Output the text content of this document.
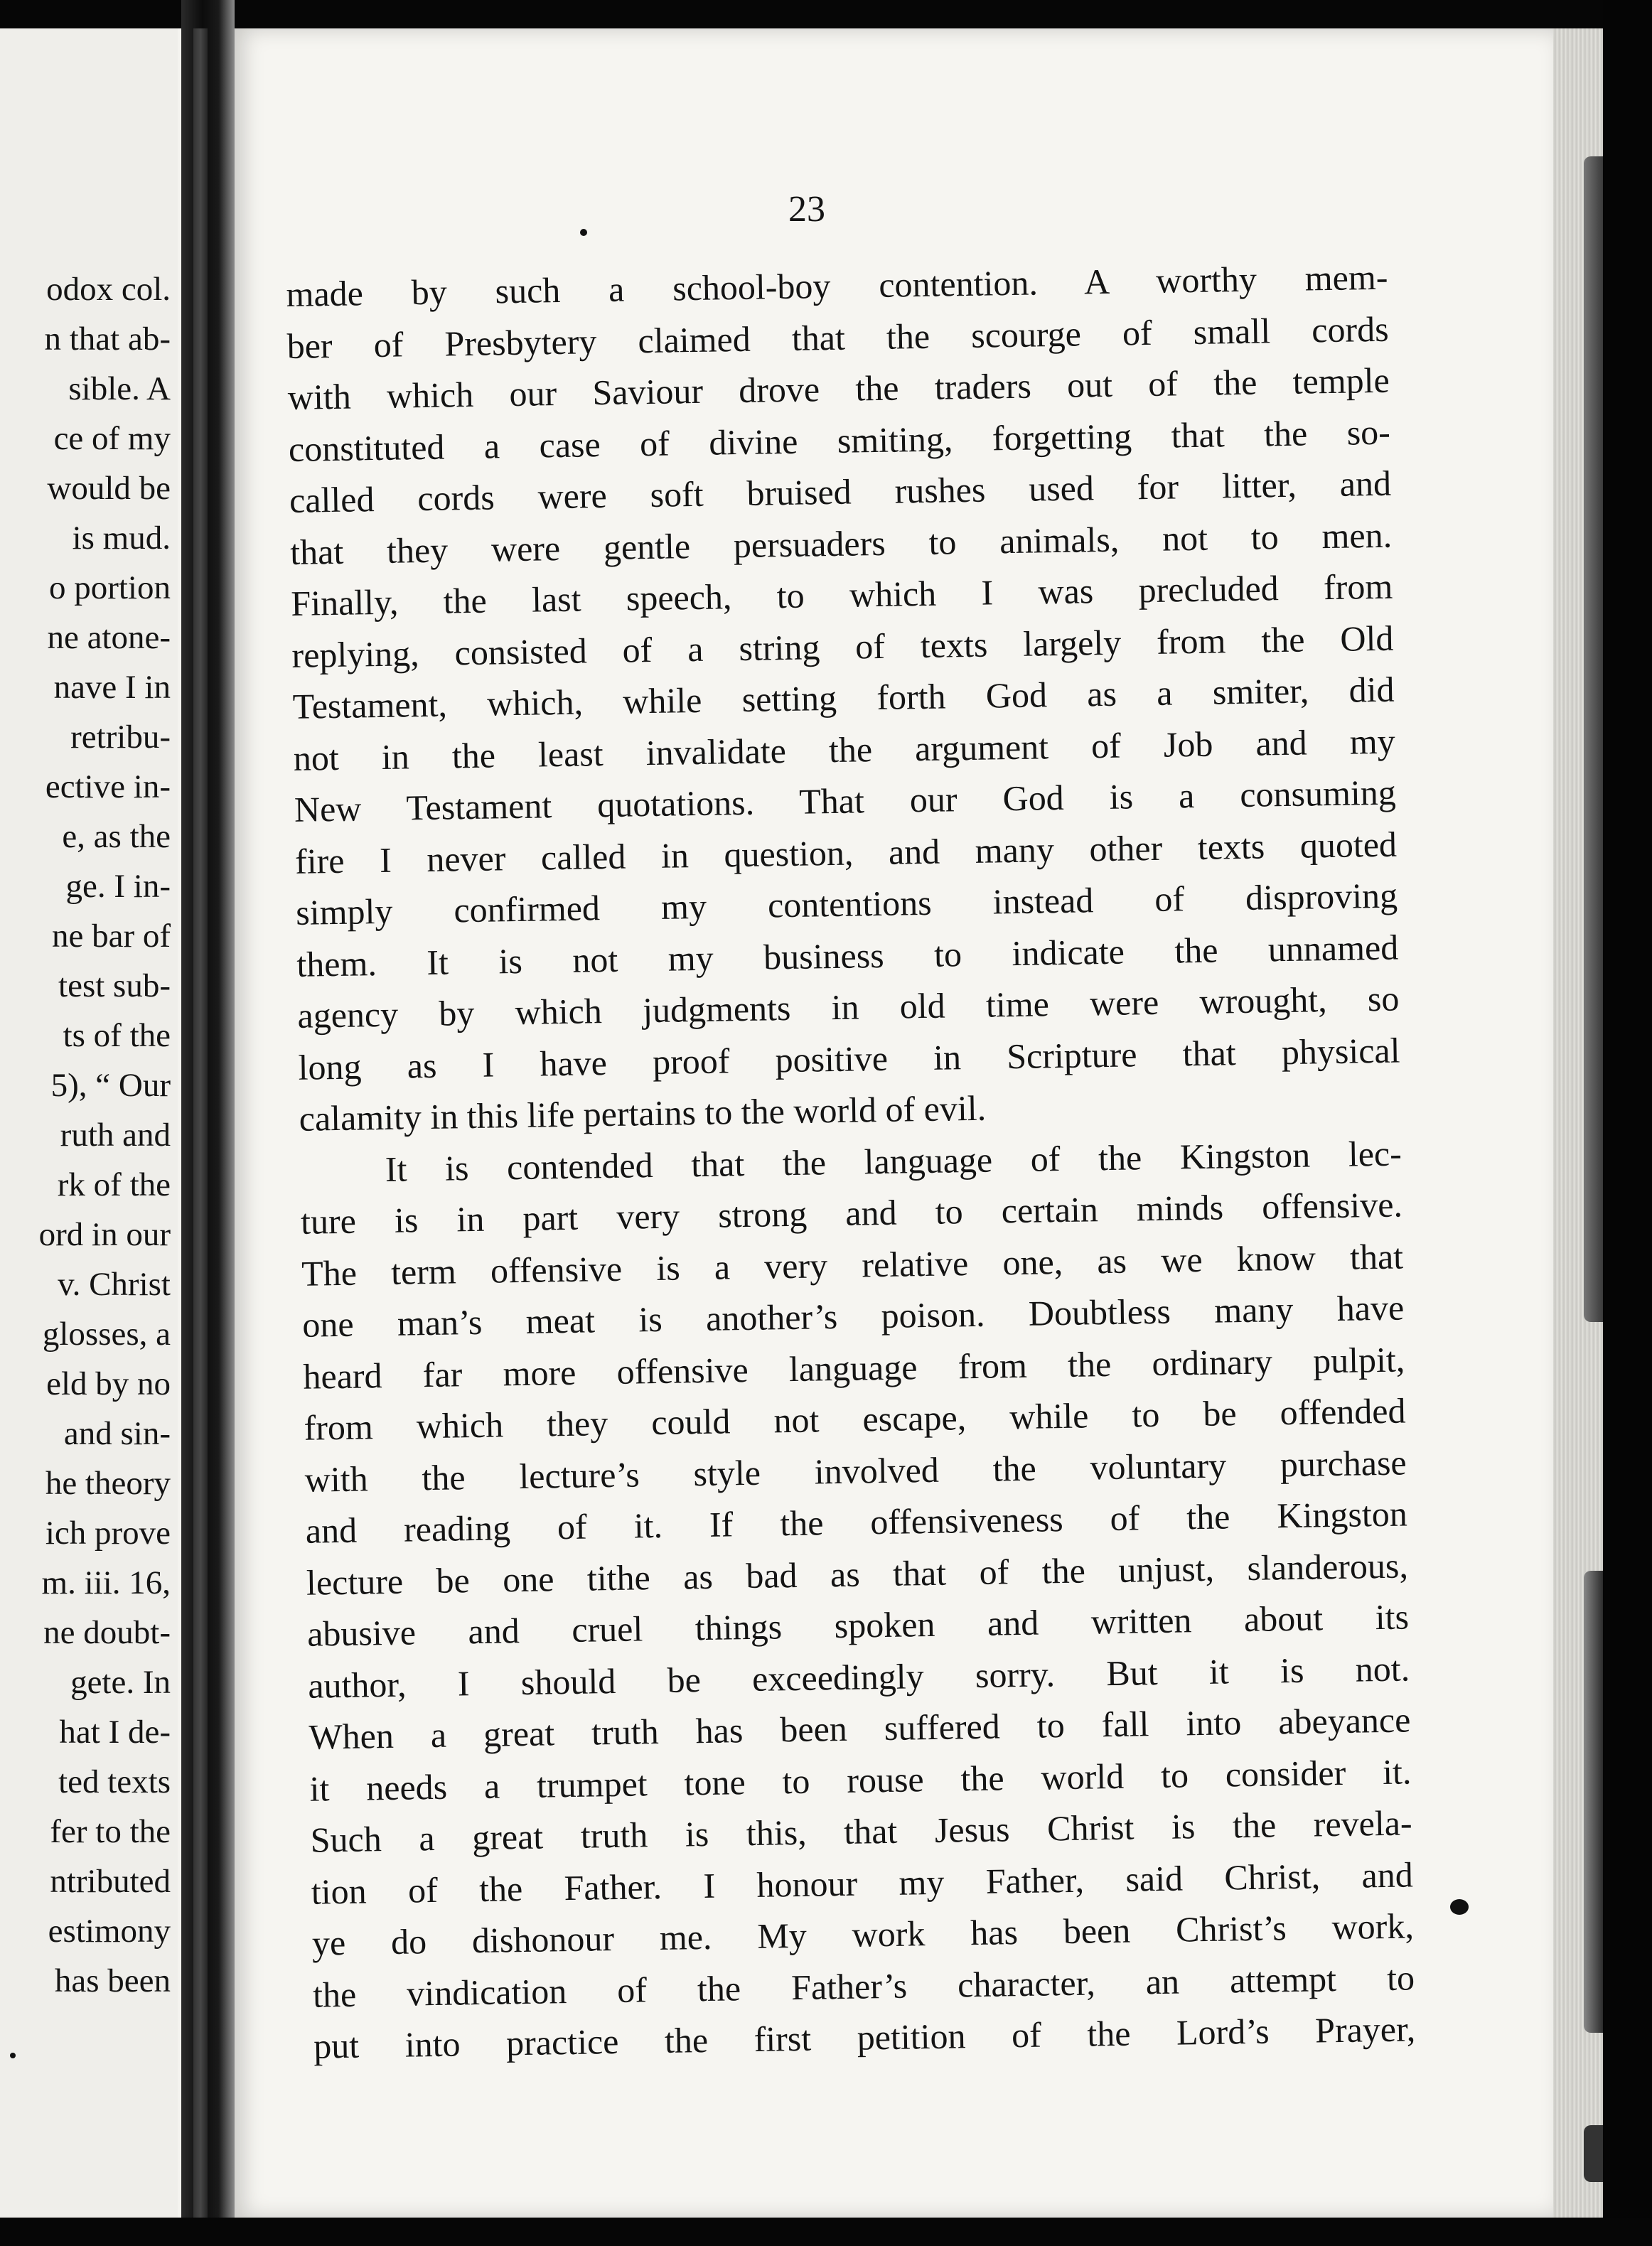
odox col.
n that ab-
sible. A
ce of my
would be
is mud.
o portion
ne atone-
nave I in
retribu-
ective in-
e, as the
ge. I in-
ne bar of
test sub-
ts of the
5), “ Our
ruth and
rk of the
ord in our
v. Christ
glosses, a
eld by no
and sin-
he theory
ich prove
m. iii. 16,
ne doubt-
gete. In
hat I de-
ted texts
fer to the
ntributed
estimony
has been
23
made by such a school-boy contention. A worthy mem-
ber of Presbytery claimed that the scourge of small cords
with which our Saviour drove the traders out of the temple
constituted a case of divine smiting, forgetting that the so-
called cords were soft bruised rushes used for litter, and
that they were gentle persuaders to animals, not to men.
Finally, the last speech, to which I was precluded from
replying, consisted of a string of texts largely from the Old
Testament, which, while setting forth God as a smiter, did
not in the least invalidate the argument of Job and my
New Testament quotations. That our God is a consuming
fire I never called in question, and many other texts quoted
simply confirmed my contentions instead of disproving
them. It is not my business to indicate the unnamed
agency by which judgments in old time were wrought, so
long as I have proof positive in Scripture that physical
calamity in this life pertains to the world of evil.
It is contended that the language of the Kingston lec-
ture is in part very strong and to certain minds offensive.
The term offensive is a very relative one, as we know that
one man’s meat is another’s poison. Doubtless many have
heard far more offensive language from the ordinary pulpit,
from which they could not escape, while to be offended
with the lecture’s style involved the voluntary purchase
and reading of it. If the offensiveness of the Kingston
lecture be one tithe as bad as that of the unjust, slanderous,
abusive and cruel things spoken and written about its
author, I should be exceedingly sorry. But it is not.
When a great truth has been suffered to fall into abeyance
it needs a trumpet tone to rouse the world to consider it.
Such a great truth is this, that Jesus Christ is the revela-
tion of the Father. I honour my Father, said Christ, and
ye do dishonour me. My work has been Christ’s work,
the vindication of the Father’s character, an attempt to
put into practice the first petition of the Lord’s Prayer,
